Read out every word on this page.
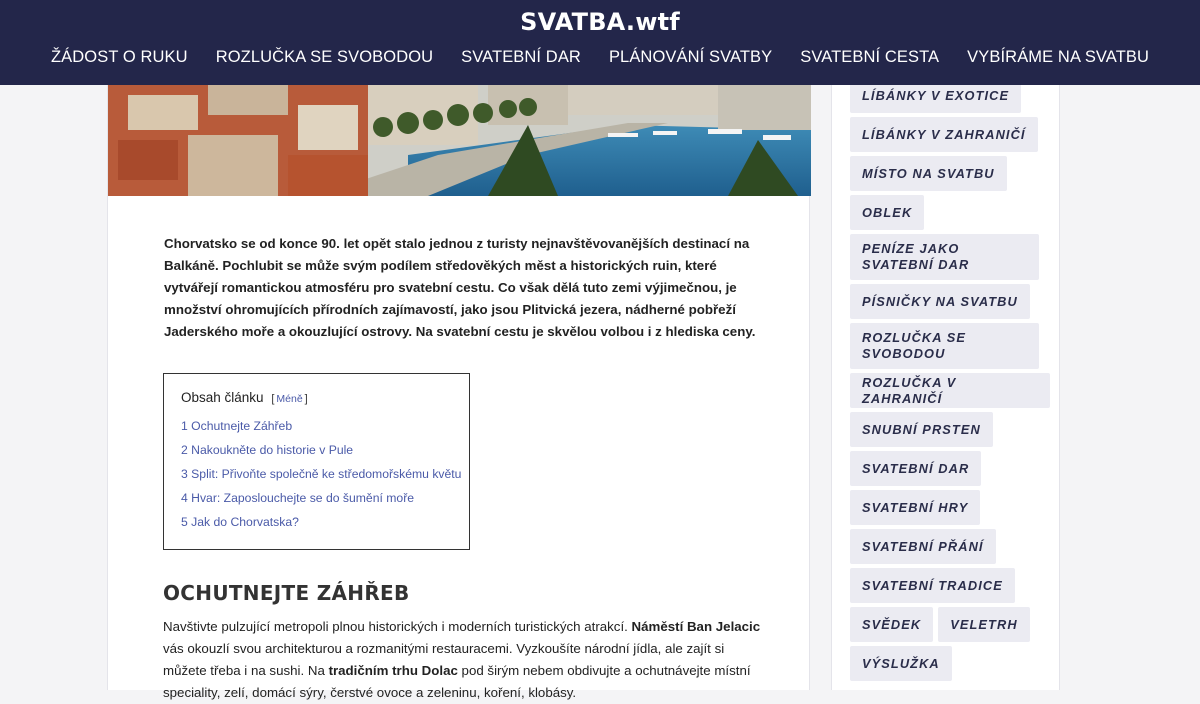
SVATBA.wtf
ŽÁDOST O RUKU ROZLUČKA SE SVOBODOU SVATEBNÍ DAR PLÁNOVÁNÍ SVATBY SVATEBNÍ CESTA VYBÍRÁME NA SVATBU

Chorvatsko se od konce 90. let opět stalo jednou z turisty nejnavštěvovanějších destinací na Balkáně. Pochlubit se může svým podílem středověkých měst a historických ruin, které vytvářejí romantickou atmosféru pro svatební cestu. Co však dělá tuto zemi výjimečnou, je množství ohromujících přírodních zajímavostí, jako jsou Plitvická jezera, nádherné pobřeží Jaderského moře a okouzlující ostrovy. Na svatební cestu je skvělou volbou i z hlediska ceny.

Obsah článku [ Méně ]
1 Ochutnejte Záhřeb
2 Nakoukněte do historie v Pule
3 Split: Přivoňte společně ke středomořskému květu
4 Hvar: Zaposlouchejte se do šumění moře
5 Jak do Chorvatska?
OCHUTNEJTE ZÁHŘEB

Navštivte pulzující metropoli plnou historických i moderních turistických atrakcí. Náměstí Ban Jelacic vás okouzlí svou architekturou a rozmanitými restauracemi. Vyzkoušíte národní jídla, ale zajít si můžete třeba i na sushi. Na tradičním trhu Dolac pod širým nebem obdivujte a ochutnávejte místní speciality, zelí, domácí sýry, čerstvé ovoce a zeleninu, koření, klobásy.

LÍBÁNKY V EXOTICE
LÍBÁNKY V ZAHRANIČÍ
MÍSTO NA SVATBU
OBLEK
PENÍZE JAKO SVATEBNÍ DAR
PÍSNIČKY NA SVATBU
ROZLUČKA SE SVOBODOU
ROZLUČKA V ZAHRANIČÍ
SNUBNÍ PRSTEN
SVATEBNÍ DAR
SVATEBNÍ HRY
SVATEBNÍ PŘÁNÍ
SVATEBNÍ TRADICE
SVĚDEK	VELETRH
VÝSLUŽKA
